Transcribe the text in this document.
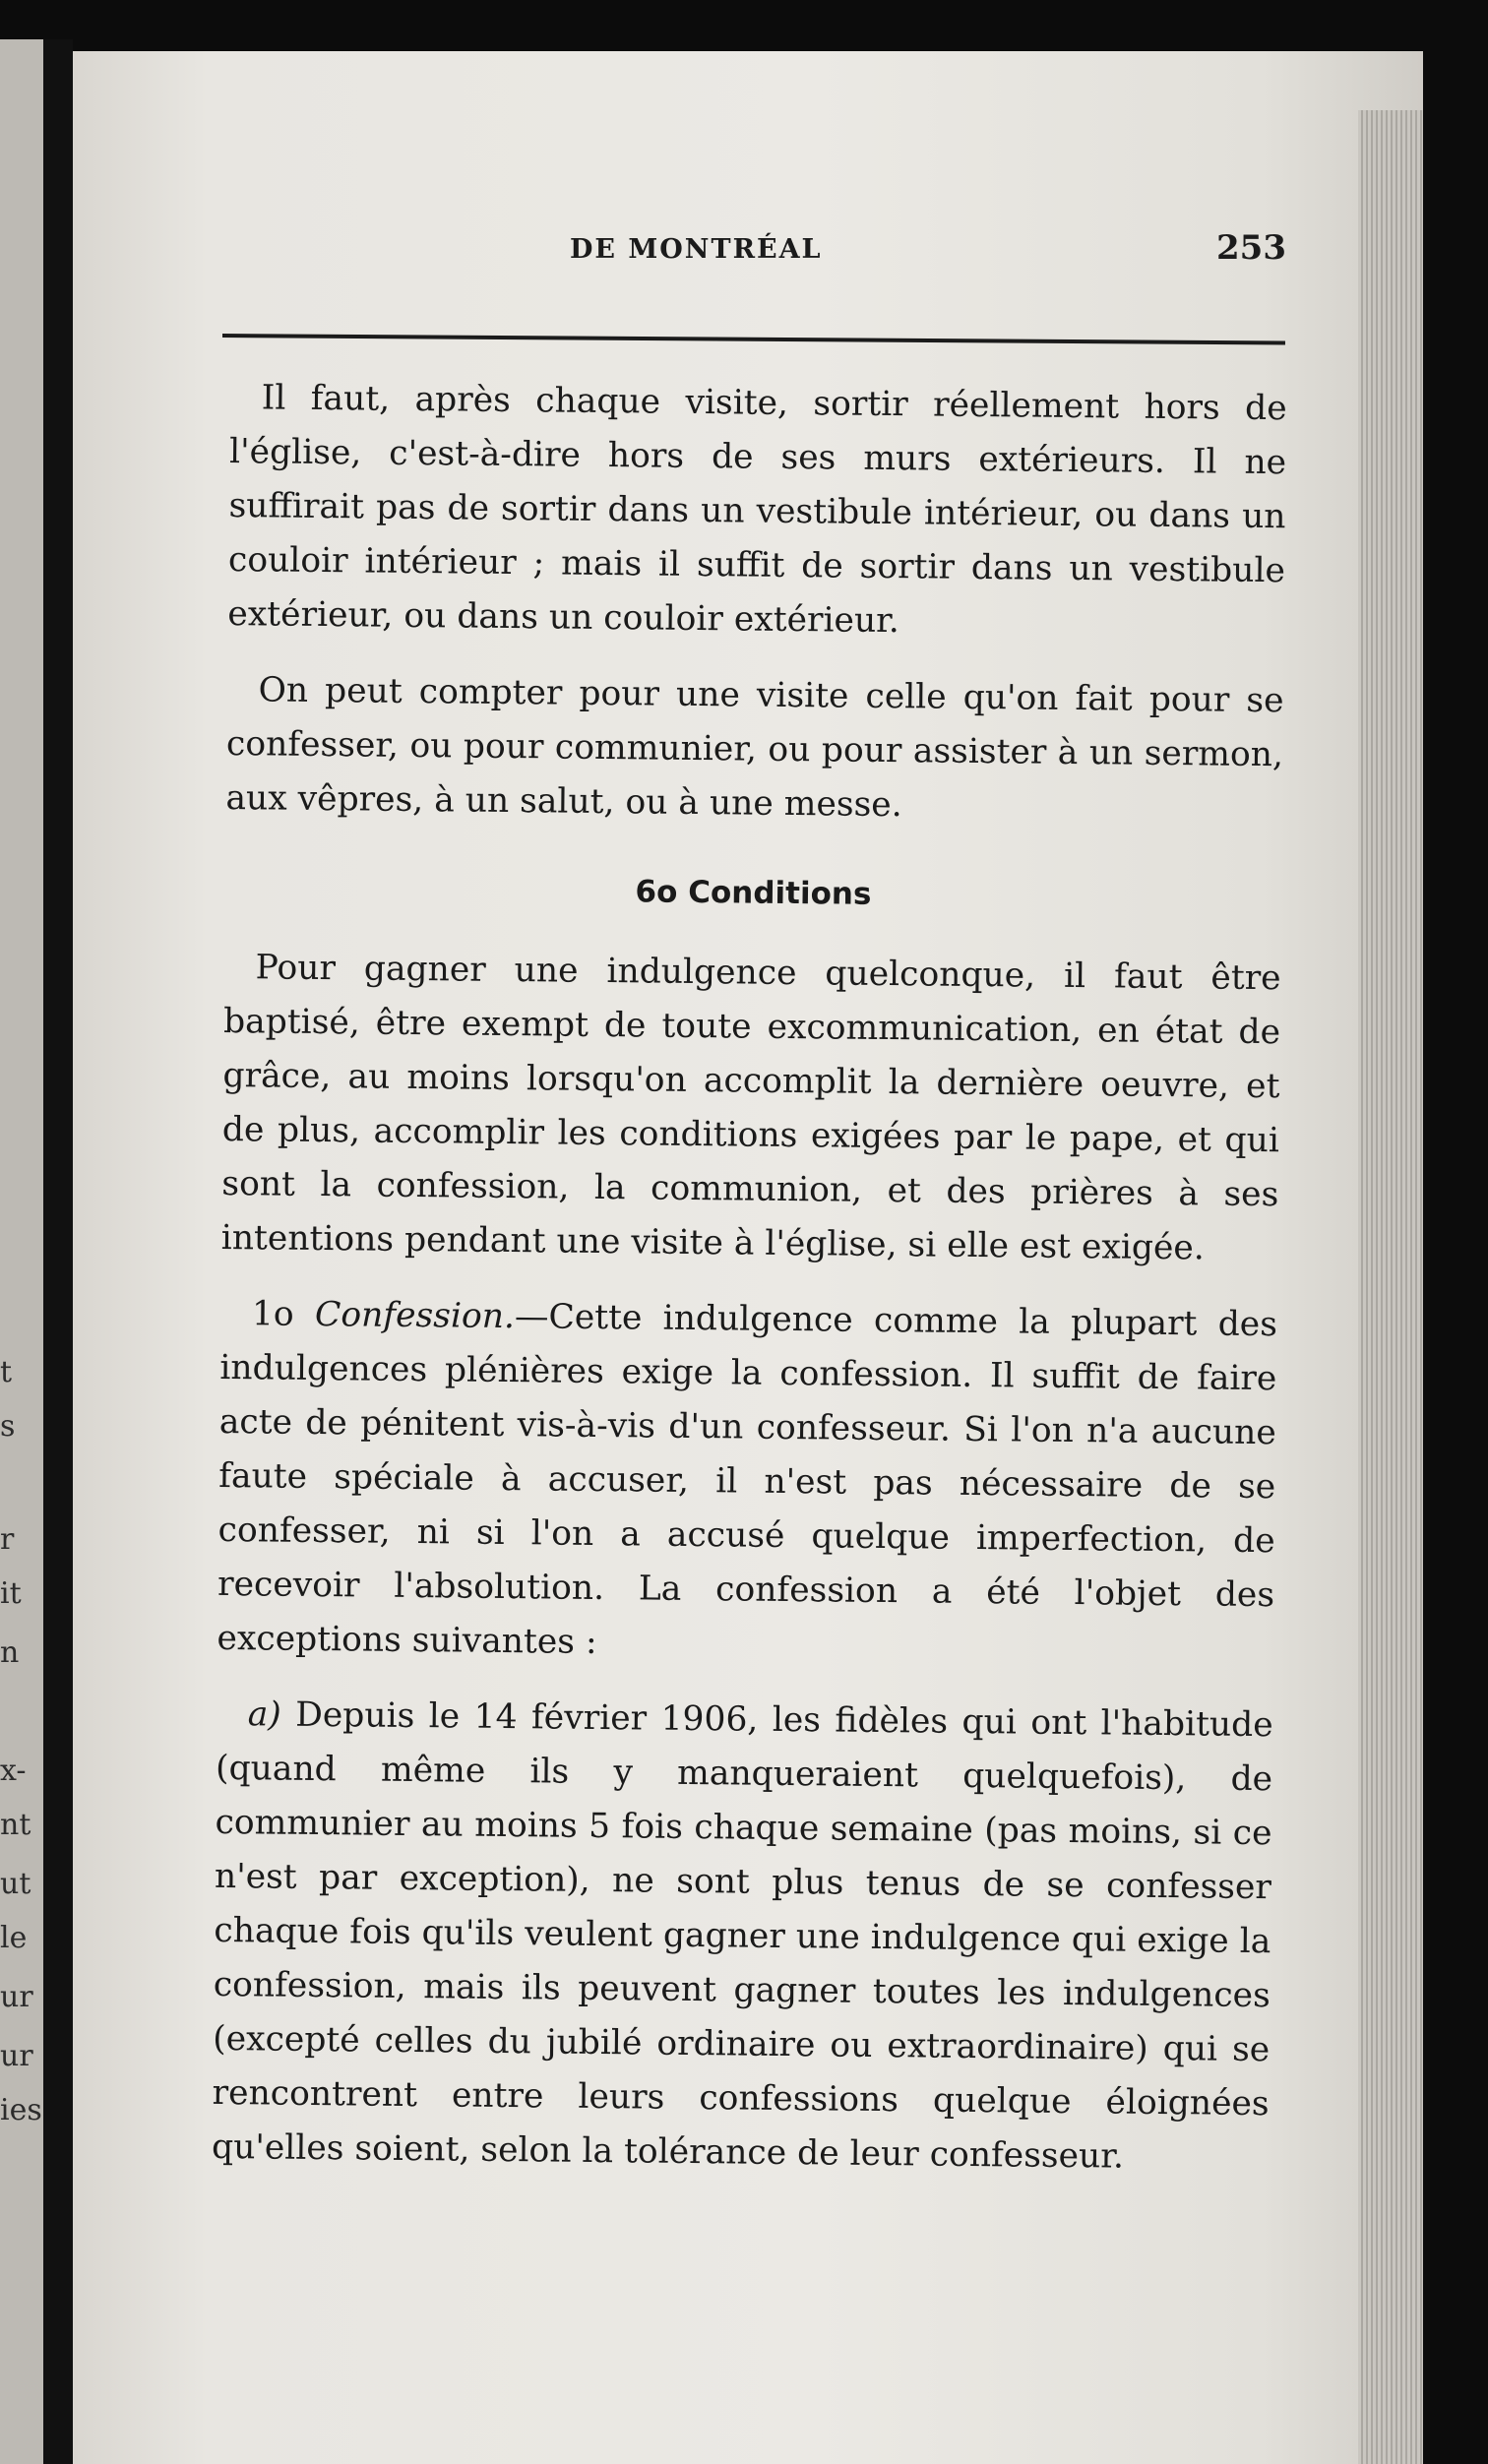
t
s
r
it
n
x-
nt
ut
le
ur
ur
ies
DE MONTRÉAL	253

Il faut, après chaque visite, sortir réellement hors de l'église, c'est-à-dire hors de ses murs extérieurs. Il ne suffirait pas de sortir dans un vestibule intérieur, ou dans un couloir intérieur ; mais il suffit de sortir dans un vestibule extérieur, ou dans un couloir extérieur.

On peut compter pour une visite celle qu'on fait pour se confesser, ou pour communier, ou pour assister à un sermon, aux vêpres, à un salut, ou à une messe.

6o Conditions

Pour gagner une indulgence quelconque, il faut être baptisé, être exempt de toute excommunication, en état de grâce, au moins lorsqu'on accomplit la dernière oeuvre, et de plus, accomplir les conditions exigées par le pape, et qui sont la confession, la communion, et des prières à ses intentions pendant une visite à l'église, si elle est exigée.

1o Confession.—Cette indulgence comme la plupart des indulgences plénières exige la confession. Il suffit de faire acte de pénitent vis-à-vis d'un confesseur. Si l'on n'a aucune faute spéciale à accuser, il n'est pas nécessaire de se confesser, ni si l'on a accusé quelque imperfection, de recevoir l'absolution. La confession a été l'objet des exceptions suivantes :

a) Depuis le 14 février 1906, les fidèles qui ont l'habitude (quand même ils y manqueraient quelquefois), de communier au moins 5 fois chaque semaine (pas moins, si ce n'est par exception), ne sont plus tenus de se confesser chaque fois qu'ils veulent gagner une indulgence qui exige la confession, mais ils peuvent gagner toutes les indulgences (excepté celles du jubilé ordinaire ou extraordinaire) qui se rencontrent entre leurs confessions quelque éloignées qu'elles soient, selon la tolérance de leur confesseur.
